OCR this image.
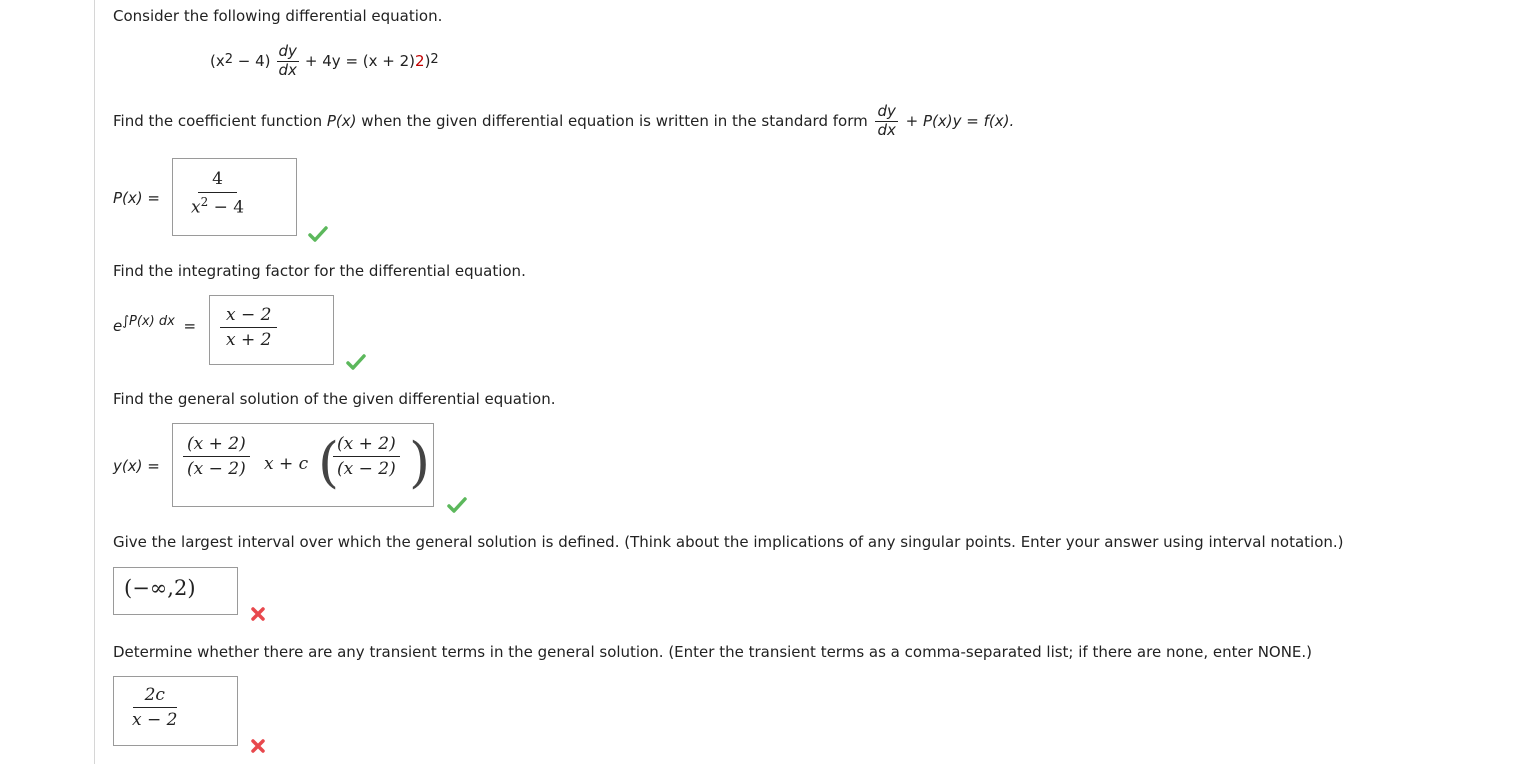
Consider the following differential equation.
$(x^2 - 4) \frac{dy}{dx} + 4y = (x + 2)$ 2 )$^2$
Find the coefficient function P(x) when the given differential equation is written in the standard form $\frac{dy}{dx} + P(x)y = f(x)$.
$P(x) = \frac{4}{x^2 - 4}$
Find the integrating factor for the differential equation.
$e^{\int P(x) dx} = \frac{x - 2}{x + 2}$
Find the general solution of the given differential equation.
$y(x) = \frac{(x + 2)}{(x - 2)}$ x + c (
$\frac{(x + 2)}{(x - 2)}$ )
Give the largest interval over which the general solution is defined. (Think about the implications of any singular points. Enter your answer using interval notation.)
(−∞,2)
Determine whether there are any transient terms in the general solution. (Enter the transient terms as a comma-separated list; if there are none, enter NONE.)
$\frac{2c}{x - 2}$
